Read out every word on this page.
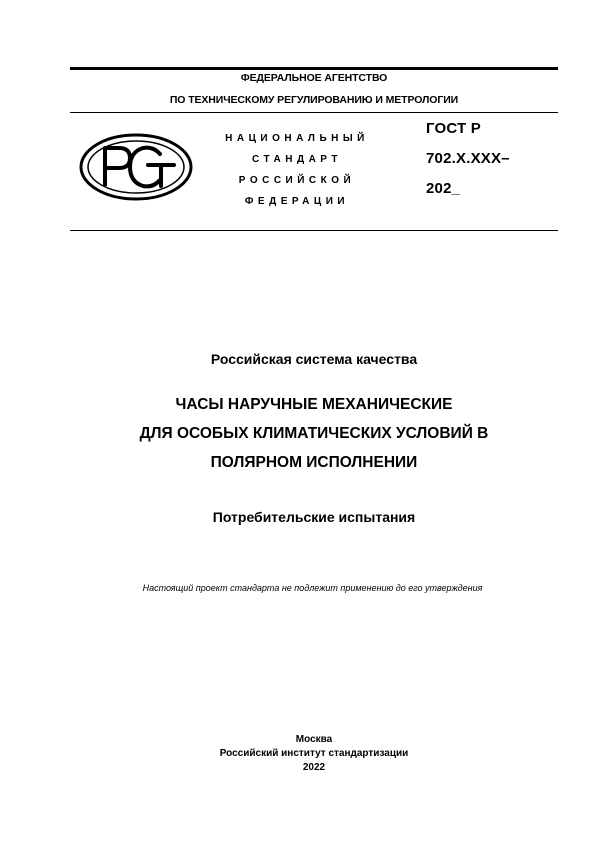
ФЕДЕРАЛЬНОЕ АГЕНТСТВО
ПО ТЕХНИЧЕСКОМУ РЕГУЛИРОВАНИЮ И МЕТРОЛОГИИ
НАЦИОНАЛЬНЫЙ
СТАНДАРТ
РОССИЙСКОЙ
ФЕДЕРАЦИИ
ГОСТ Р
702.X.XXX–
202_
Российская система качества
ЧАСЫ НАРУЧНЫЕ МЕХАНИЧЕСКИЕ
ДЛЯ ОСОБЫХ КЛИМАТИЧЕСКИХ УСЛОВИЙ В
ПОЛЯРНОМ ИСПОЛНЕНИИ
Потребительские испытания
Настоящий проект стандарта не подлежит применению до его утверждения
Москва
Российский институт стандартизации
2022
